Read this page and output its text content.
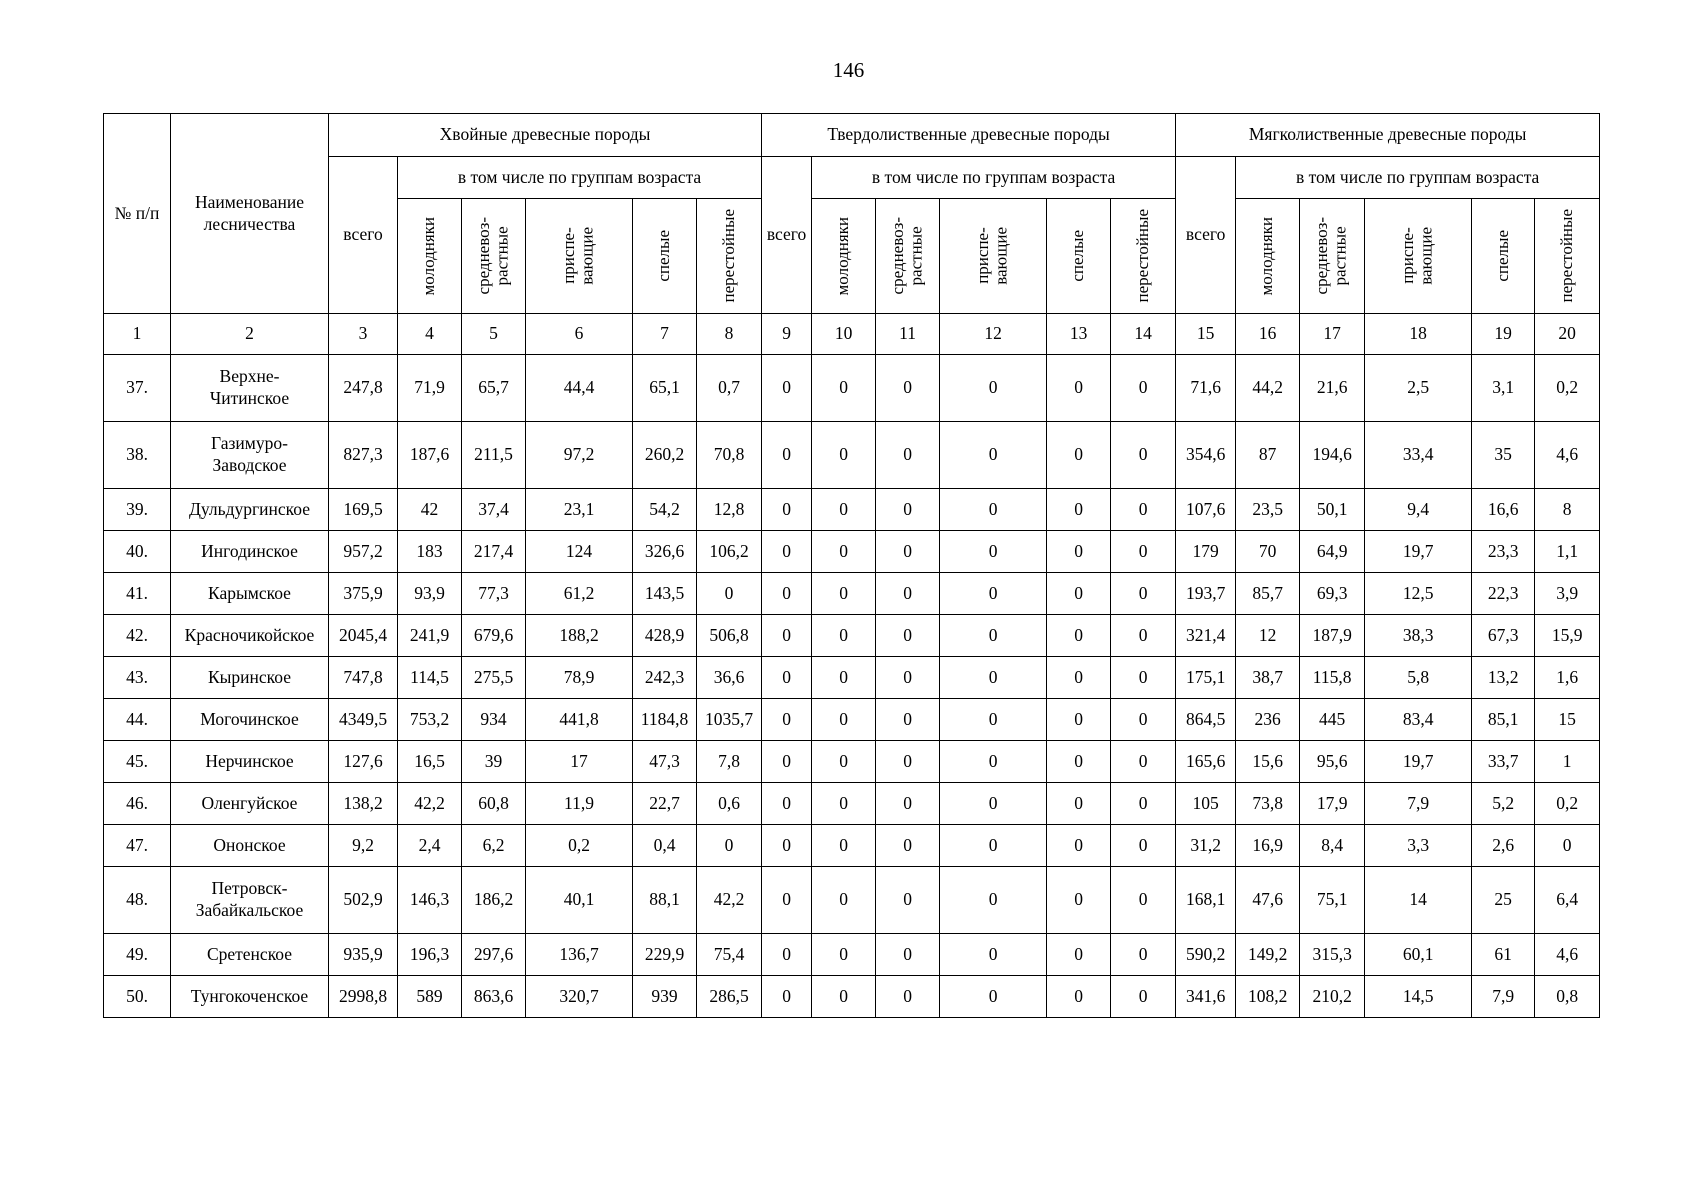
146
№ п/п	Наименование лесничества	Хвойные древесные породы						Твердолиственные древесные породы						Мягколиственные древесные породы					
		всего	в том числе по группам возраста					всего	в том числе по группам возраста					всего	в том числе по группам возраста				

			молодняки	средневоз-
растные	приспе-
вающие	спелые	перестойные		молодняки	средневоз-
растные	приспе-
вающие	спелые	перестойные		молодняки	средневоз-
растные	приспе-
вающие	спелые	перестойные

1	2	3	4	5	6	7	8	9	10	11	12	13	14	15	16	17	18	19	20
37.	Верхне-
Читинское	247,8	71,9	65,7	44,4	65,1	0,7	0	0	0	0	0	0	71,6	44,2	21,6	2,5	3,1	0,2
38.	Газимуро-
Заводское	827,3	187,6	211,5	97,2	260,2	70,8	0	0	0	0	0	0	354,6	87	194,6	33,4	35	4,6
39.	Дульдургинское	169,5	42	37,4	23,1	54,2	12,8	0	0	0	0	0	0	107,6	23,5	50,1	9,4	16,6	8
40.	Ингодинское	957,2	183	217,4	124	326,6	106,2	0	0	0	0	0	0	179	70	64,9	19,7	23,3	1,1
41.	Карымское	375,9	93,9	77,3	61,2	143,5	0	0	0	0	0	0	0	193,7	85,7	69,3	12,5	22,3	3,9
42.	Красночикойское	2045,4	241,9	679,6	188,2	428,9	506,8	0	0	0	0	0	0	321,4	12	187,9	38,3	67,3	15,9
43.	Кыринское	747,8	114,5	275,5	78,9	242,3	36,6	0	0	0	0	0	0	175,1	38,7	115,8	5,8	13,2	1,6
44.	Могочинское	4349,5	753,2	934	441,8	1184,8	1035,7	0	0	0	0	0	0	864,5	236	445	83,4	85,1	15
45.	Нерчинское	127,6	16,5	39	17	47,3	7,8	0	0	0	0	0	0	165,6	15,6	95,6	19,7	33,7	1
46.	Оленгуйское	138,2	42,2	60,8	11,9	22,7	0,6	0	0	0	0	0	0	105	73,8	17,9	7,9	5,2	0,2
47.	Ононское	9,2	2,4	6,2	0,2	0,4	0	0	0	0	0	0	0	31,2	16,9	8,4	3,3	2,6	0
48.	Петровск-
Забайкальское	502,9	146,3	186,2	40,1	88,1	42,2	0	0	0	0	0	0	168,1	47,6	75,1	14	25	6,4
49.	Сретенское	935,9	196,3	297,6	136,7	229,9	75,4	0	0	0	0	0	0	590,2	149,2	315,3	60,1	61	4,6
50.	Тунгокоченское	2998,8	589	863,6	320,7	939	286,5	0	0	0	0	0	0	341,6	108,2	210,2	14,5	7,9	0,8
